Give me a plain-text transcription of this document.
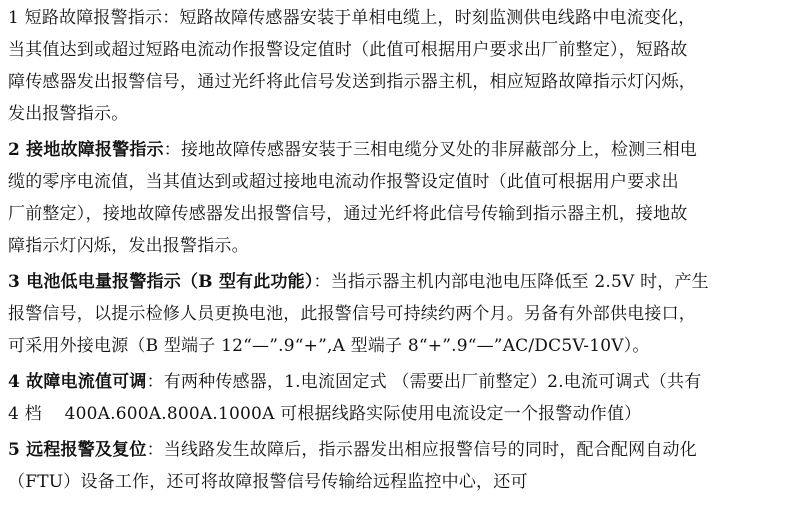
1 短路故障报警指示：短路故障传感器安装于单相电缆上，时刻监测供电线路中电流变化，
当其值达到或超过短路电流动作报警设定值时（此值可根据用户要求出厂前整定），短路故
障传感器发出报警信号，通过光纤将此信号发送到指示器主机，相应短路故障指示灯闪烁，
发出报警指示。
2 接地故障报警指示：接地故障传感器安装于三相电缆分叉处的非屏蔽部分上，检测三相电
缆的零序电流值，当其值达到或超过接地电流动作报警设定值时（此值可根据用户要求出
厂前整定），接地故障传感器发出报警信号，通过光纤将此信号传输到指示器主机，接地故
障指示灯闪烁，发出报警指示。
3 电池低电量报警指示（B 型有此功能）：当指示器主机内部电池电压降低至 2.5V 时，产生
报警信号，以提示检修人员更换电池，此报警信号可持续约两个月。另备有外部供电接口，
可采用外接电源（B 型端子 12“—”.9“+”,A 型端子 8“+”.9“—”AC/DC5V-10V）。
4 故障电流值可调：有两种传感器，1.电流固定式 （需要出厂前整定）2.电流可调式（共有
4 档　 400A.600A.800A.1000A 可根据线路实际使用电流设定一个报警动作值）
5 远程报警及复位：当线路发生故障后，指示器发出相应报警信号的同时，配合配网自动化
（FTU）设备工作，还可将故障报警信号传输给远程监控中心，还可
